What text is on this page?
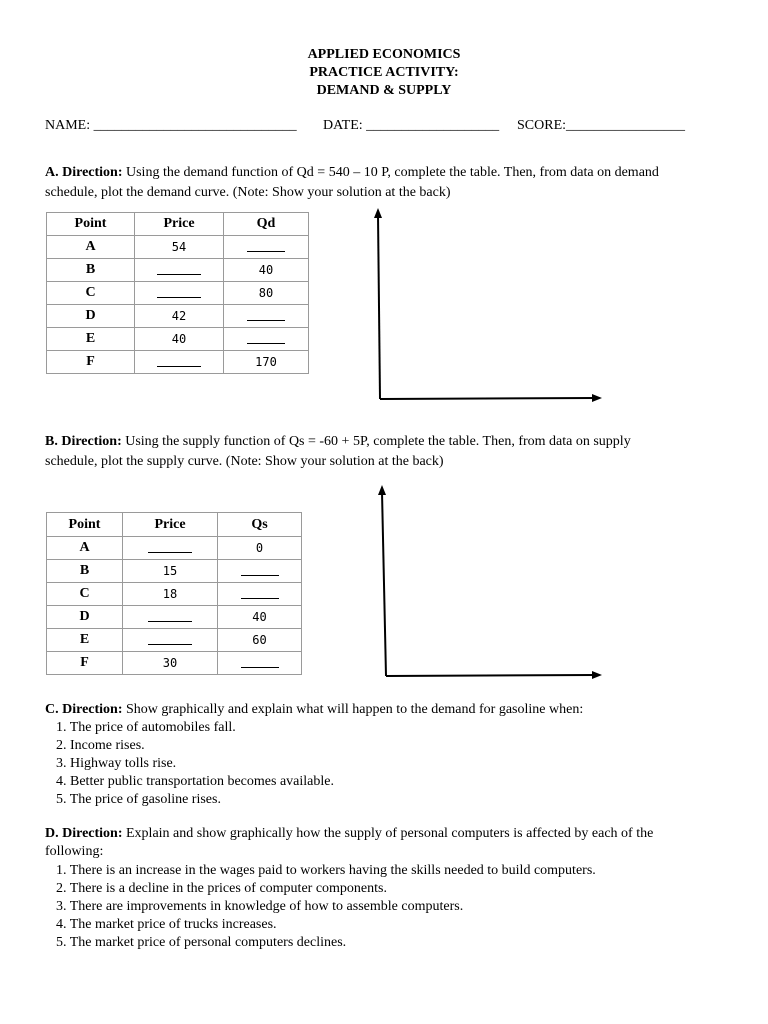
APPLIED ECONOMICS
PRACTICE ACTIVITY:
DEMAND & SUPPLY
NAME: _____________________________ DATE: ___________________ SCORE:_________________
A. Direction: Using the demand function of Qd = 540 – 10 P, complete the table. Then, from data on demand
schedule, plot the demand curve. (Note: Show your solution at the back)
Point	Price	Qd
A	54	
B		40
C		80
D	42	
E	40	
F		170
B. Direction: Using the supply function of Qs = -60 + 5P, complete the table. Then, from data on supply
schedule, plot the supply curve. (Note: Show your solution at the back)
Point	Price	Qs
A		0
B	15	
C	18	
D		40
E		60
F	30	
C. Direction: Show graphically and explain what will happen to the demand for gasoline when:
1. The price of automobiles fall.
2. Income rises.
3. Highway tolls rise.
4. Better public transportation becomes available.
5. The price of gasoline rises.
D. Direction: Explain and show graphically how the supply of personal computers is affected by each of the
following:
1. There is an increase in the wages paid to workers having the skills needed to build computers.
2. There is a decline in the prices of computer components.
3. There are improvements in knowledge of how to assemble computers.
4. The market price of trucks increases.
5. The market price of personal computers declines.
